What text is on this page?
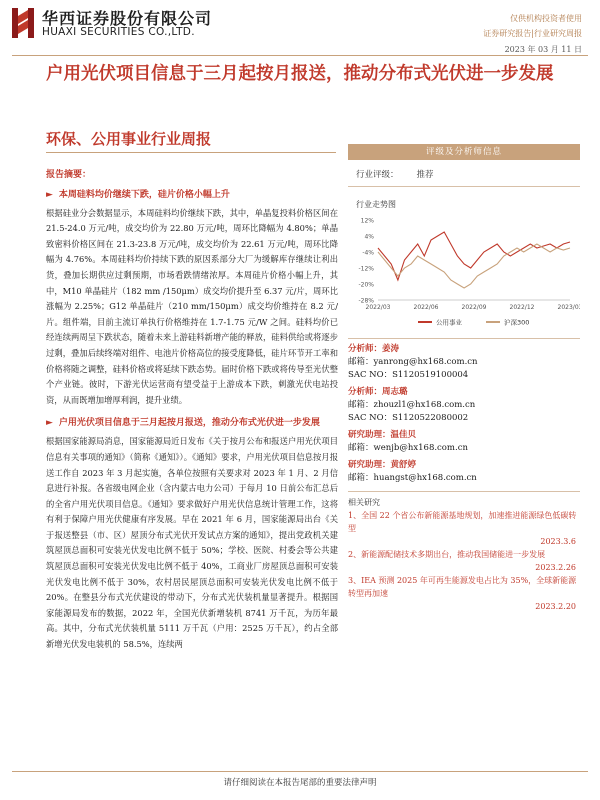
华西证券股份有限公司
HUAXI SECURITIES CO.,LTD.
仅供机构投资者使用
证券研究报告|行业研究周报
2023 年 03 月 11 日
户用光伏项目信息于三月起按月报送，推动分布式光伏进一步发展
环保、公用事业行业周报
报告摘要：
► 本周硅料均价继续下跌，硅片价格小幅上升

根据硅业分会数据显示，本周硅料均价继续下跌，其中，单晶复投料价格区间在 21.5-24.0 万元/吨，成交均价为 22.80 万元/吨，周环比降幅为 4.80%；单晶致密料价格区间在 21.3-23.8 万元/吨，成交均价为 22.61 万元/吨，周环比降幅为 4.76%。本周硅料均价持续下跌的原因系部分大厂为缓解库存继续让利出货，叠加长期供应过剩预期，市场看跌情绪浓厚。本周硅片价格小幅上升，其中，M10 单晶硅片（182 mm /150μm）成交均价提升至 6.37 元/片，周环比涨幅为 2.25%；G12 单晶硅片（210 mm/150μm）成交均价维持在 8.2 元/片。组件端，目前主流订单执行价格维持在 1.7-1.75 元/W 之间。硅料均价已经连续两周呈下跌状态，随着未来上游硅料新增产能的释放，硅料供给或将逐步过剩，叠加后续终端对组件、电池片价格高位的接受度降低，硅片环节开工率和价格将随之调整，硅料价格或将延续下跌态势。届时价格下跌或将传导至光伏整个产业链。彼时，下游光伏运营商有望受益于上游成本下跌，刺激光伏电站投资，从而既增加增厚利润，提升业绩。

► 户用光伏项目信息于三月起按月报送，推动分布式光伏进一步发展

根据国家能源局消息，国家能源局近日发布《关于按月公布和报送户用光伏项目信息有关事项的通知》（简称《通知》）。《通知》要求，户用光伏项目信息按月报送工作自 2023 年 3 月起实施，各单位按照有关要求对 2023 年 1 月、2 月信息进行补报。各省级电网企业（含内蒙古电力公司）于每月 10 日前公布汇总后的全省户用光伏项目信息。《通知》要求做好户用光伏信息统计管理工作，这将有利于保障户用光伏健康有序发展。早在 2021 年 6 月，国家能源局出台《关于报送整县（市、区）屋顶分布式光伏开发试点方案的通知》，提出党政机关建筑屋顶总面积可安装光伏发电比例不低于 50%；学校、医院、村委会等公共建筑屋顶总面积可安装光伏发电比例不低于 40%，工商业厂房屋顶总面积可安装光伏发电比例不低于 30%，农村居民屋顶总面积可安装光伏发电比例不低于 20%。在整县分布式光伏建设的带动下，分布式光伏装机量显著提升。根据国家能源局发布的数据，2022 年，全国光伏新增装机 8741 万千瓦，为历年最高。其中，分布式光伏装机量 5111 万千瓦（户用：2525 万千瓦），约占全部新增光伏发电装机的 58.5%，连续两

评级及分析师信息
行业评级： 推荐
行业走势图
12%
4%
-4%
-12%
-20%
-28%
2022/03	2022/06	2022/09	2022/12	2023/03
公用事业	沪深300
分析师：姜涛
邮箱：yanrong@hx168.com.cn
SAC NO：S1120519100004
分析师：周志璐
邮箱：zhouzl1@hx168.com.cn
SAC NO：S1120522080002
研究助理：温佳贝
邮箱：wenjb@hx168.com.cn
研究助理：黄舒婷
邮箱：huangst@hx168.com.cn
相关研究
1、全国 22 个省公布新能源基地规划，加速推进能源绿色低碳转型
2023.3.6
2、新能源配储技术多期出台，推动我国储能进一步发展
2023.2.26
3、IEA 预测 2025 年可再生能源发电占比为 35%，全球新能源转型再加速
2023.2.20
请仔细阅读在本报告尾部的重要法律声明
